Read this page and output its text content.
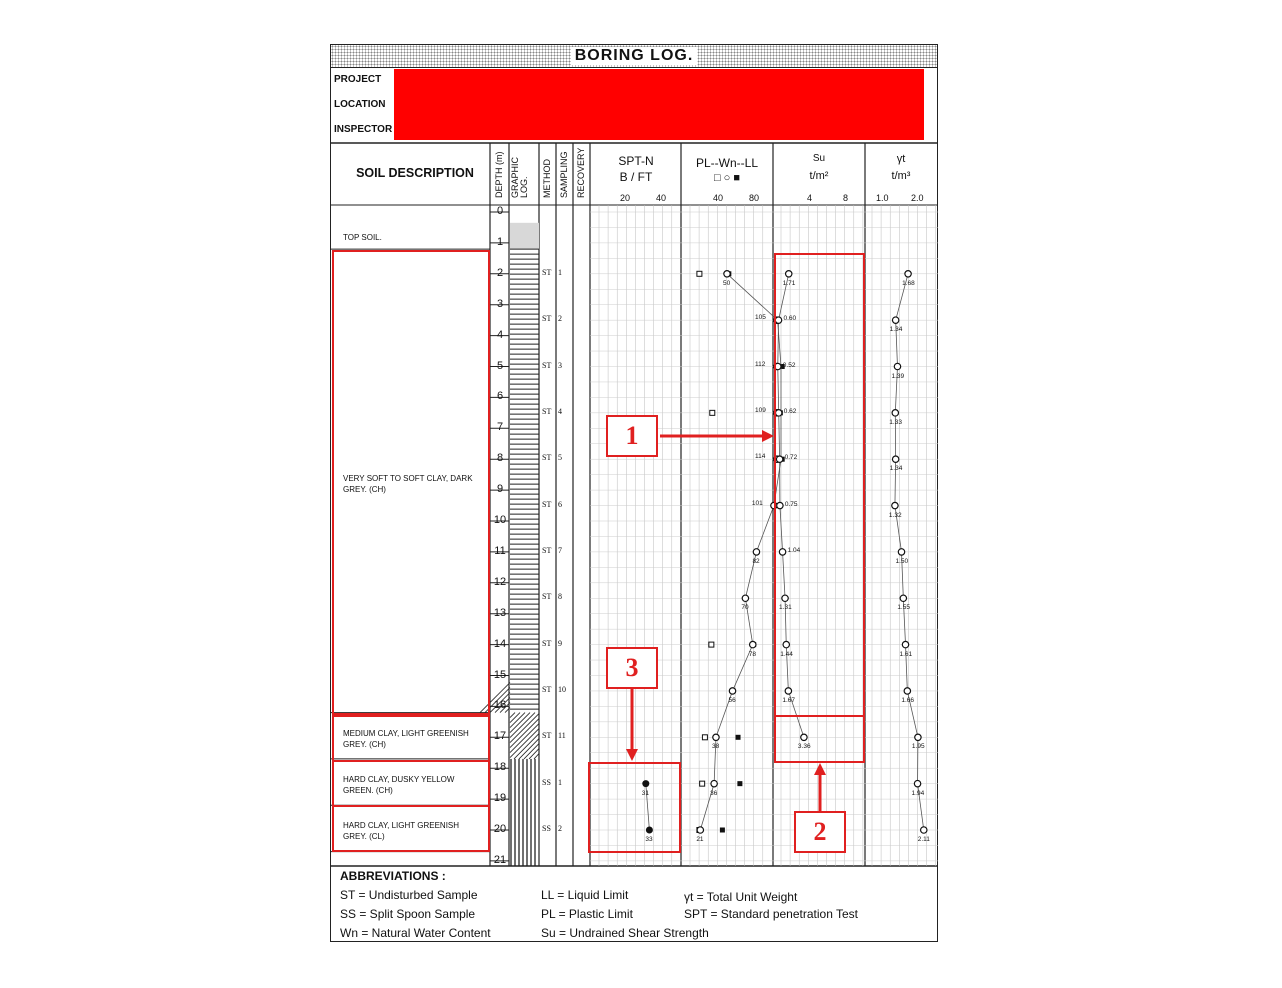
BORING LOG.
PROJECT
LOCATION
INSPECTOR
SOIL DESCRIPTION	DEPTH (m) GRAPHIC LOG. METHOD SAMPLING RECOVERY	SPT-N
B / FT
20	40
PL--Wn--LL
□ ○ ■
40	80
Su
t/m²
4	8
γt
t/m³
1.0 2.0
0
1
2
3
4
5
6
7
8
9
10
11
12
13
14
15
16
17
18
19
20
21
TOP SOIL.
VERY SOFT TO SOFT CLAY, DARK GREY. (CH)
MEDIUM CLAY, LIGHT GREENISH GREY. (CH)
HARD CLAY, DUSKY YELLOW GREEN. (CH)
HARD CLAY, LIGHT GREENISH GREY. (CL)
ST 1
ST 2
ST 3
ST 4
ST 5
ST 6
ST 7
ST 8
ST 9
ST 10
ST 11
SS 1
SS 2
31
33
50
105
112
109
114
101
82
70
78
56
38
36
21
1.71
0.60
0.52
0.62
0.72
0.75
1.04
1.31
1.44
1.67
3.36
1.68
1.34
1.39
1.33
1.34
1.32
1.50
1.55
1.61
1.66
1.95
1.94
2.11
1
2
3
ABBREVIATIONS :
ST = Undisturbed Sample
SS = Split Spoon Sample
Wn = Natural Water Content
LL = Liquid Limit
PL = Plastic Limit
Su = Undrained Shear Strength
γt = Total Unit Weight
SPT = Standard penetration Test
